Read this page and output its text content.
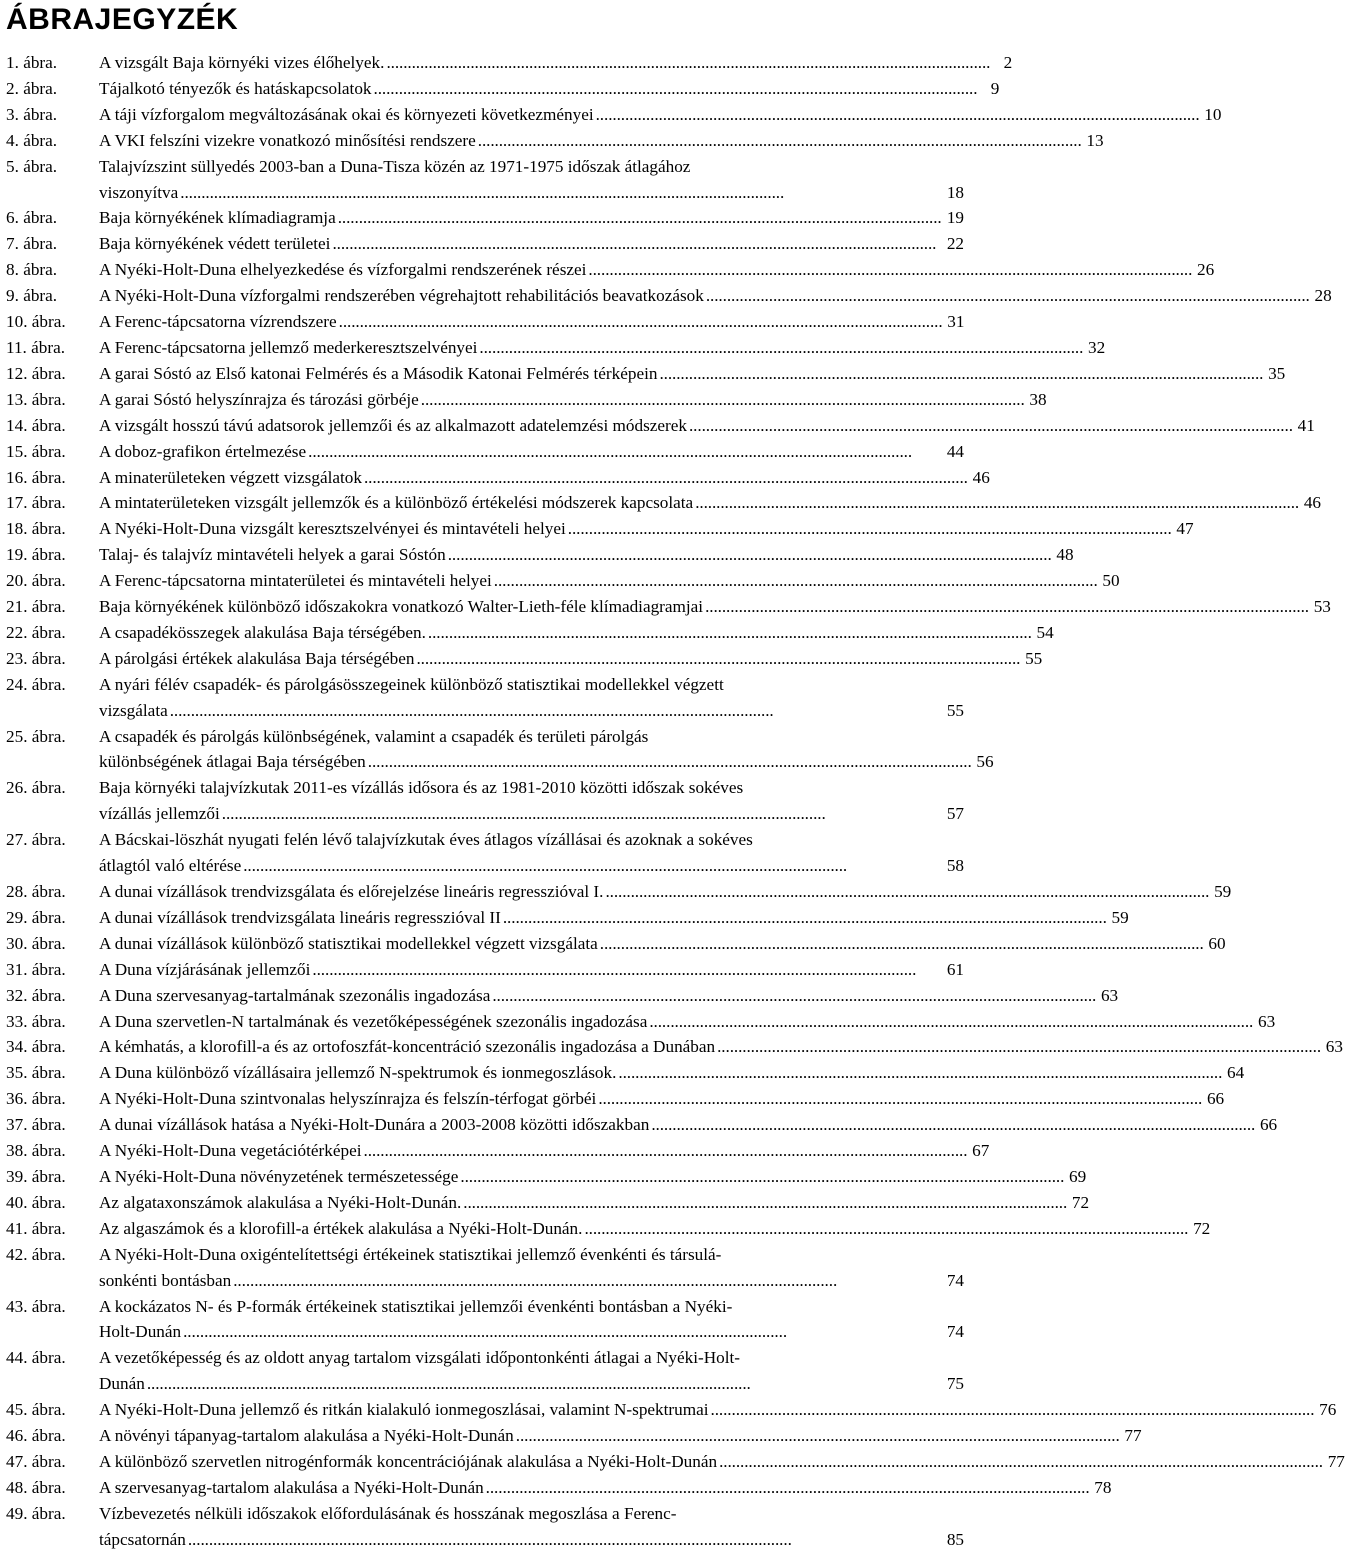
ÁBRAJEGYZÉK
1. ábra.	A vizsgált Baja környéki vizes élőhelyek. . . .	2
2. ábra.	Tájalkotó tényezők és hatáskapcsolatok . . .	9
3. ábra.	A táji vízforgalom megváltozásának okai és környezeti következményei . . .	10
4. ábra.	A VKI felszíni vizekre vonatkozó minősítési rendszere . . .	13
5. ábra.	Talajvízszint süllyedés 2003-ban a Duna-Tisza közén az 1971-1975 időszak átlagához
viszonyítva . . .	18
6. ábra.	Baja környékének klímadiagramja . . .	19
7. ábra.	Baja környékének védett területei . . .	22
8. ábra.	A Nyéki-Holt-Duna elhelyezkedése és vízforgalmi rendszerének részei . . .	26
9. ábra.	A Nyéki-Holt-Duna vízforgalmi rendszerében végrehajtott rehabilitációs beavatkozások . . .	28
10. ábra.	A Ferenc-tápcsatorna vízrendszere . . .	31
11. ábra.	A Ferenc-tápcsatorna jellemző mederkeresztszelvényei . . .	32
12. ábra.	A garai Sóstó az Első katonai Felmérés és a Második Katonai Felmérés térképein . . .	35
13. ábra.	A garai Sóstó helyszínrajza és tározási görbéje . . .	38
14. ábra.	A vizsgált hosszú távú adatsorok jellemzői és az alkalmazott adatelemzési módszerek . . .	41
15. ábra.	A doboz-grafikon értelmezése . . .	44
16. ábra.	A minaterületeken végzett vizsgálatok . . .	46
17. ábra.	A mintaterületeken vizsgált jellemzők és a különböző értékelési módszerek kapcsolata . . .	46
18. ábra.	A Nyéki-Holt-Duna vizsgált keresztszelvényei és mintavételi helyei . . .	47
19. ábra.	Talaj- és talajvíz mintavételi helyek a garai Sóstón . . .	48
20. ábra.	A Ferenc-tápcsatorna mintaterületei és mintavételi helyei . . .	50
21. ábra.	Baja környékének különböző időszakokra vonatkozó Walter-Lieth-féle klímadiagramjai . . .	53
22. ábra.	A csapadékösszegek alakulása Baja térségében. . . .	54
23. ábra.	A párolgási értékek alakulása Baja térségében . . .	55
24. ábra.	A nyári félév csapadék- és párolgásösszegeinek különböző statisztikai modellekkel végzett
vizsgálata . . .	55
25. ábra.	A csapadék és párolgás különbségének, valamint a csapadék és területi párolgás
különbségének átlagai Baja térségében . . .	56
26. ábra.	Baja környéki talajvízkutak 2011-es vízállás idősora és az 1981-2010 közötti időszak sokéves
vízállás jellemzői . . .	57
27. ábra.	A Bácskai-löszhát nyugati felén lévő talajvízkutak éves átlagos vízállásai és azoknak a sokéves
átlagtól való eltérése . . .	58
28. ábra.	A dunai vízállások trendvizsgálata és előrejelzése lineáris regresszióval I. . . .	59
29. ábra.	A dunai vízállások trendvizsgálata lineáris regresszióval II . . .	59
30. ábra.	A dunai vízállások különböző statisztikai modellekkel végzett vizsgálata . . .	60
31. ábra.	A Duna vízjárásának jellemzői . . .	61
32. ábra.	A Duna szervesanyag-tartalmának szezonális ingadozása . . .	63
33. ábra.	A Duna szervetlen-N tartalmának és vezetőképességének szezonális ingadozása . . .	63
34. ábra.	A kémhatás, a klorofill-a és az ortofoszfát-koncentráció szezonális ingadozása a Dunában . . .	63
35. ábra.	A Duna különböző vízállásaira jellemző N-spektrumok és ionmegoszlások. . . .	64
36. ábra.	A Nyéki-Holt-Duna szintvonalas helyszínrajza és felszín-térfogat görbéi . . .	66
37. ábra.	A dunai vízállások hatása a Nyéki-Holt-Dunára a 2003-2008 közötti időszakban . . .	66
38. ábra.	A Nyéki-Holt-Duna vegetációtérképei . . .	67
39. ábra.	A Nyéki-Holt-Duna növényzetének természetessége . . .	69
40. ábra.	Az algataxonszámok alakulása a Nyéki-Holt-Dunán. . . .	72
41. ábra.	Az algaszámok és a klorofill-a értékek alakulása a Nyéki-Holt-Dunán. . . .	72
42. ábra.	A Nyéki-Holt-Duna oxigéntelítettségi értékeinek statisztikai jellemző évenkénti és társulá-
sonkénti bontásban . . .	74
43. ábra.	A kockázatos N- és P-formák értékeinek statisztikai jellemzői évenkénti bontásban a Nyéki-
Holt-Dunán . . .	74
44. ábra.	A vezetőképesség és az oldott anyag tartalom vizsgálati időpontonkénti átlagai a Nyéki-Holt-
Dunán . . .	75
45. ábra.	A Nyéki-Holt-Duna jellemző és ritkán kialakuló ionmegoszlásai, valamint N-spektrumai . . .	76
46. ábra.	A növényi tápanyag-tartalom alakulása a Nyéki-Holt-Dunán . . .	77
47. ábra.	A különböző szervetlen nitrogénformák koncentrációjának alakulása a Nyéki-Holt-Dunán . . .	77
48. ábra.	A szervesanyag-tartalom alakulása a Nyéki-Holt-Dunán . . .	78
49. ábra.	Vízbevezetés nélküli időszakok előfordulásának és hosszának megoszlása a Ferenc-
tápcsatornán . . .	85
